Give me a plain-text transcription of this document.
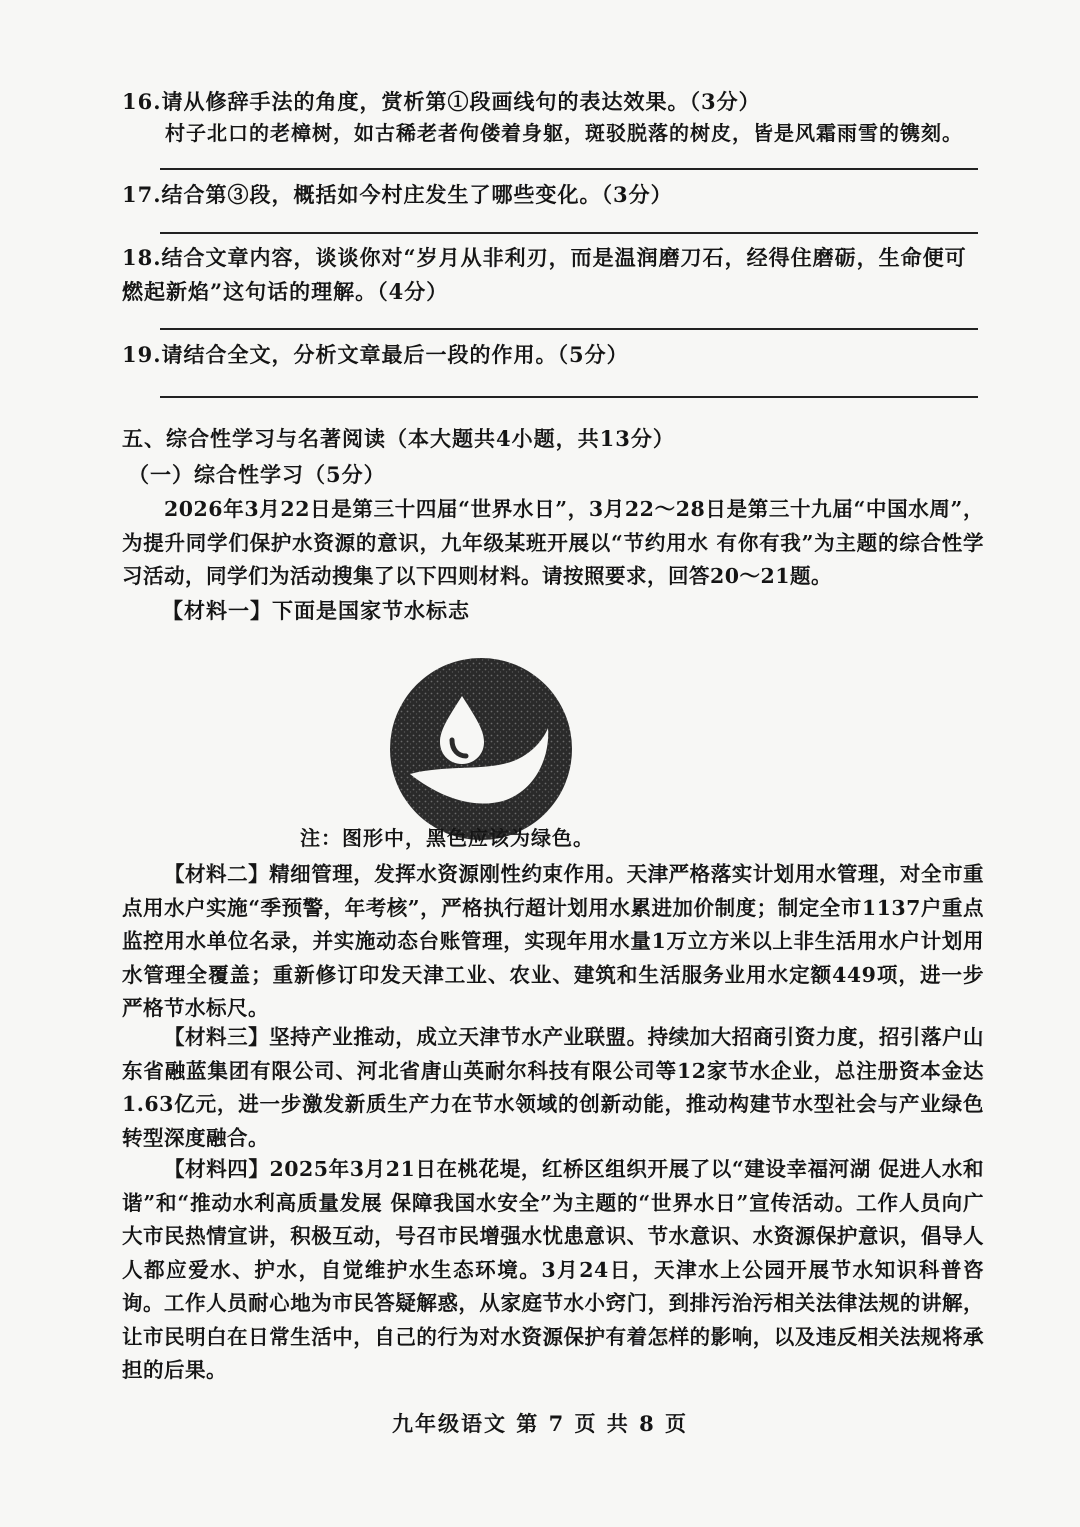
16.请从修辞手法的角度，赏析第①段画线句的表达效果。（3分）
村子北口的老樟树，如古稀老者佝偻着身躯，斑驳脱落的树皮，皆是风霜雨雪的镌刻。
17.结合第③段，概括如今村庄发生了哪些变化。（3分）
18.结合文章内容，谈谈你对“岁月从非利刃，而是温润磨刀石，经得住磨砺，生命便可燃起新焰”这句话的理解。（4分）
19.请结合全文，分析文章最后一段的作用。（5分）
五、综合性学习与名著阅读（本大题共4小题，共13分）
（一）综合性学习（5分）
2026年3月22日是第三十四届“世界水日”，3月22～28日是第三十九届“中国水周”，为提升同学们保护水资源的意识，九年级某班开展以“节约用水 有你有我”为主题的综合性学习活动，同学们为活动搜集了以下四则材料。请按照要求，回答20～21题。
【材料一】下面是国家节水标志
注：图形中，黑色应该为绿色。
【材料二】精细管理，发挥水资源刚性约束作用。天津严格落实计划用水管理，对全市重点用水户实施“季预警，年考核”，严格执行超计划用水累进加价制度；制定全市1137户重点监控用水单位名录，并实施动态台账管理，实现年用水量1万立方米以上非生活用水户计划用水管理全覆盖；重新修订印发天津工业、农业、建筑和生活服务业用水定额449项，进一步严格节水标尺。
【材料三】坚持产业推动，成立天津节水产业联盟。持续加大招商引资力度，招引落户山东省融蓝集团有限公司、河北省唐山英耐尔科技有限公司等12家节水企业，总注册资本金达1.63亿元，进一步激发新质生产力在节水领域的创新动能，推动构建节水型社会与产业绿色转型深度融合。
【材料四】2025年3月21日在桃花堤，红桥区组织开展了以“建设幸福河湖 促进人水和谐”和“推动水利高质量发展 保障我国水安全”为主题的“世界水日”宣传活动。工作人员向广大市民热情宣讲，积极互动，号召市民增强水忧患意识、节水意识、水资源保护意识，倡导人人都应爱水、护水，自觉维护水生态环境。3月24日，天津水上公园开展节水知识科普咨询。工作人员耐心地为市民答疑解惑，从家庭节水小窍门，到排污治污相关法律法规的讲解，让市民明白在日常生活中，自己的行为对水资源保护有着怎样的影响，以及违反相关法规将承担的后果。
九年级语文 第 7 页 共 8 页
